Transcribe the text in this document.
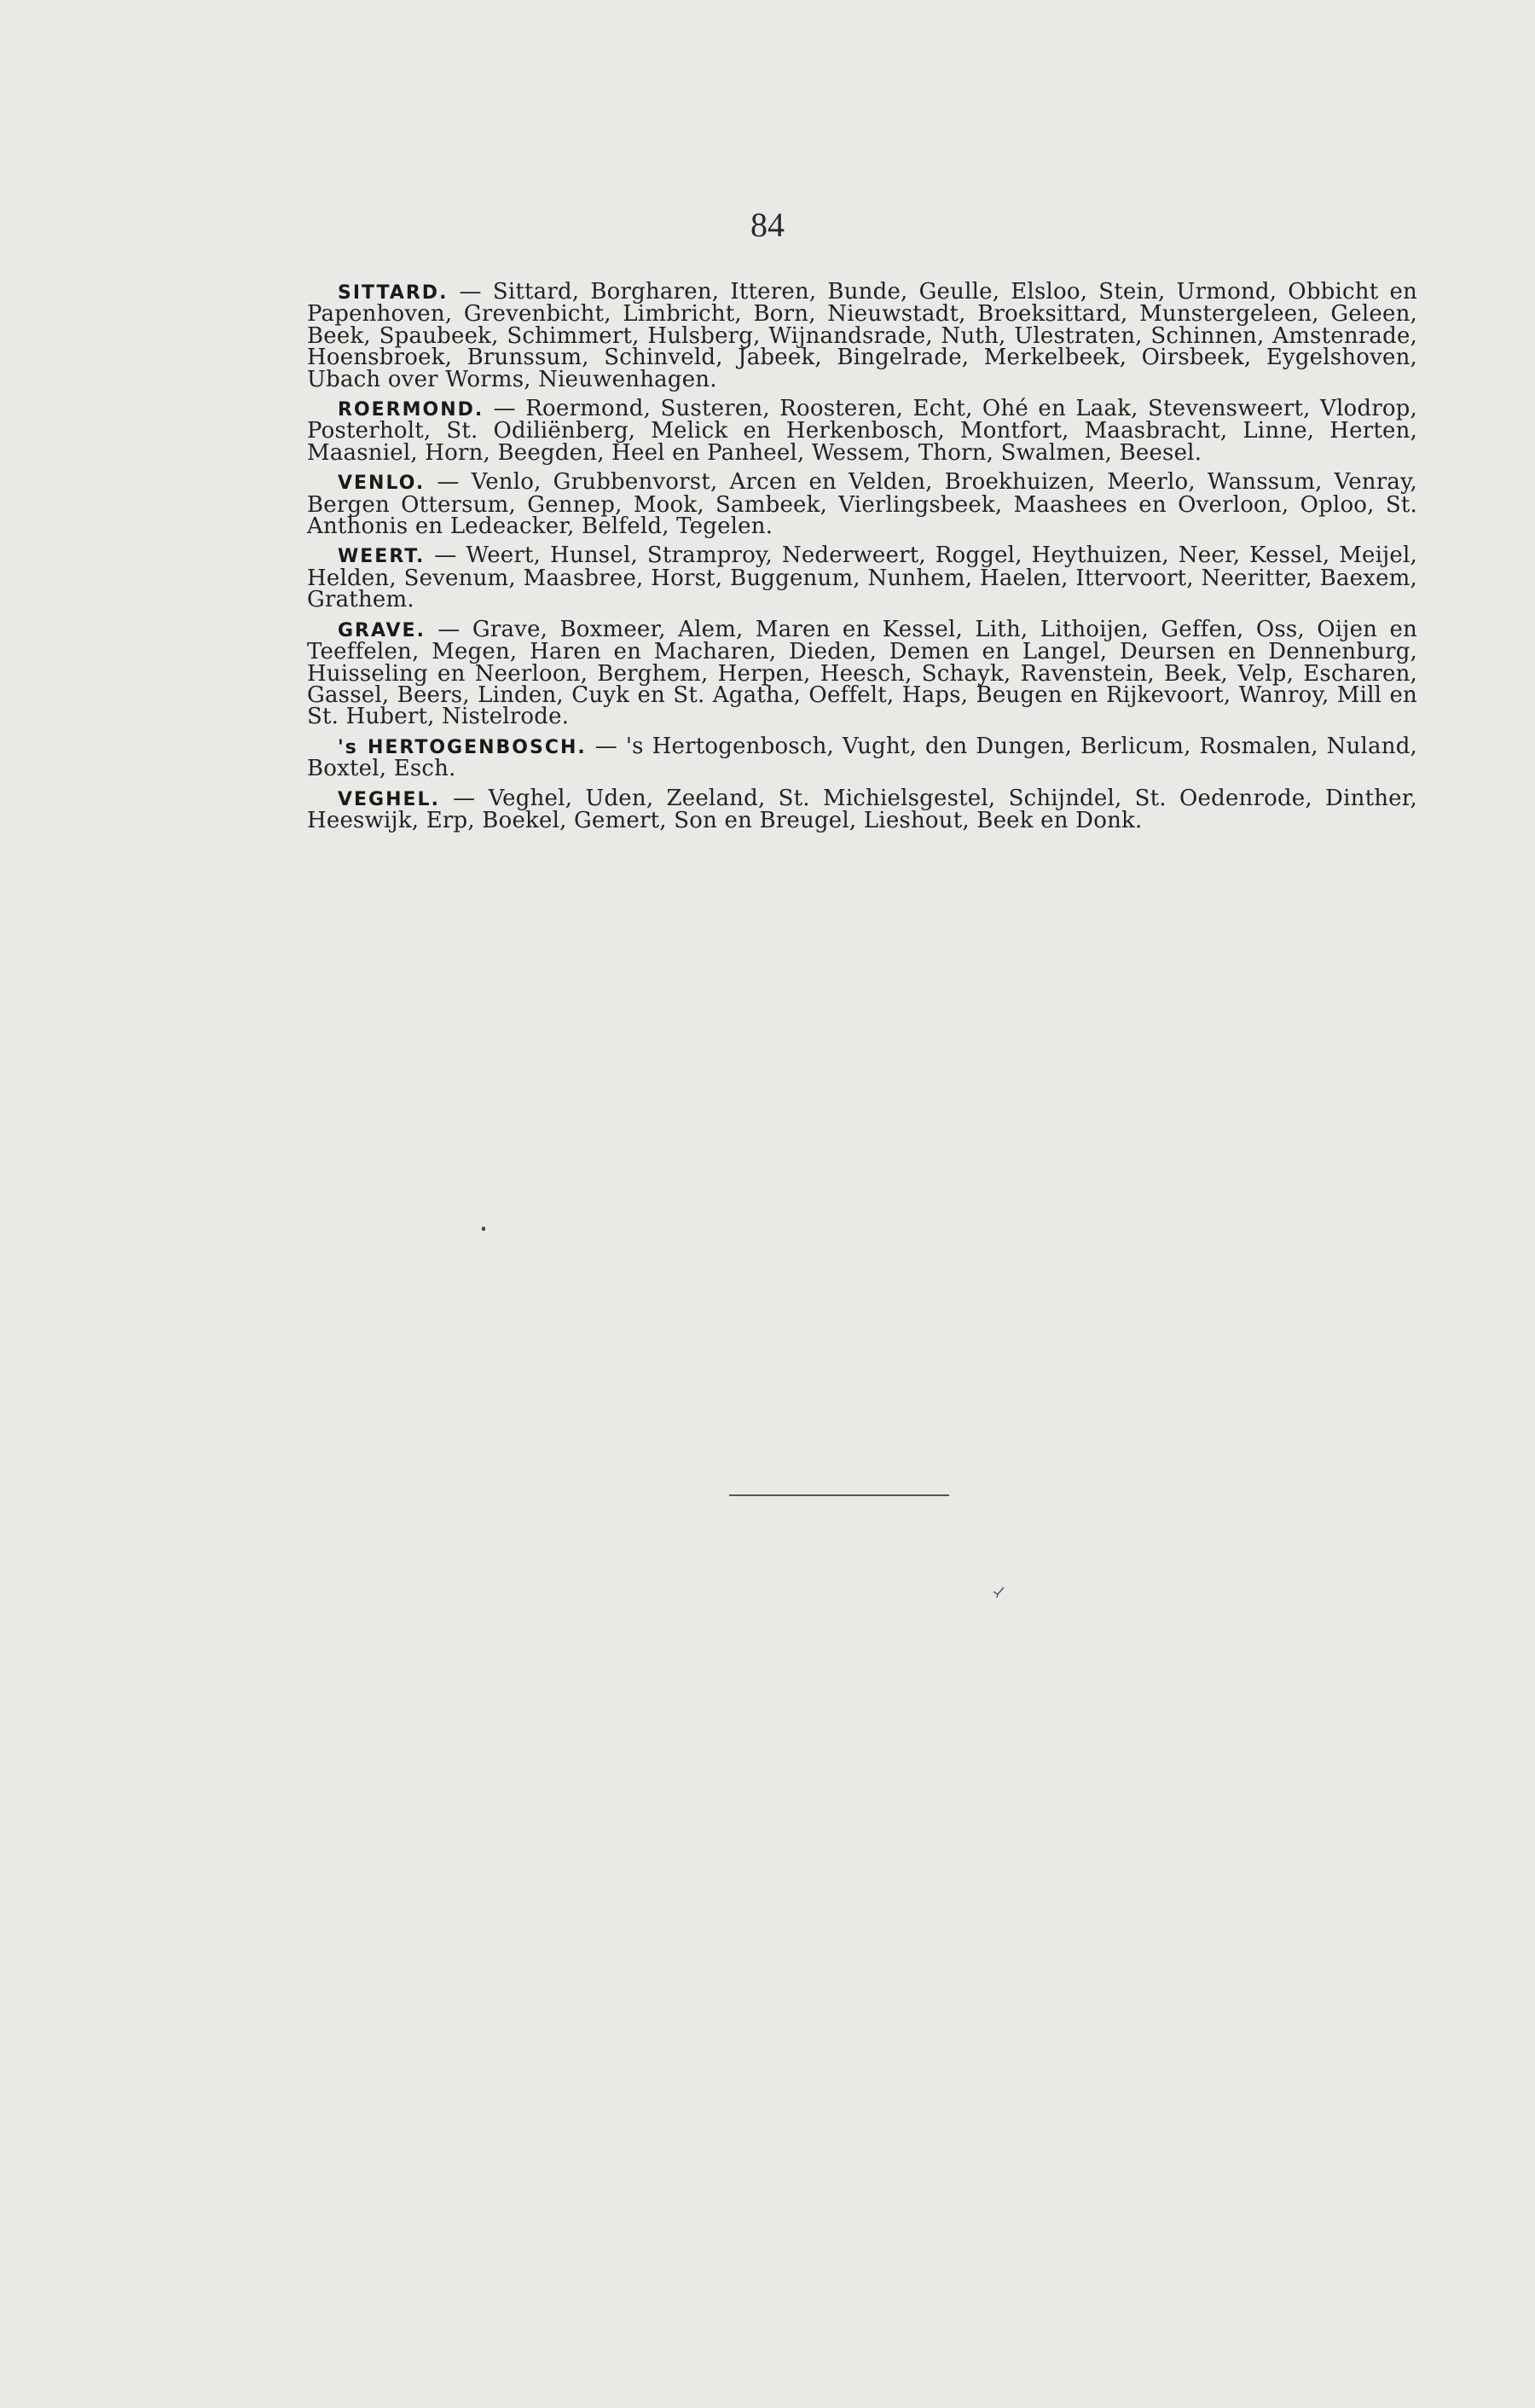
84

SITTARD. — Sittard, Borgharen, Itteren, Bunde, Geulle, Elsloo, Stein, Urmond, Obbicht en Papenhoven, Grevenbicht, Limbricht, Born, Nieuwstadt, Broeksittard, Munstergeleen, Geleen, Beek, Spaubeek, Schimmert, Hulsberg, Wijnandsrade, Nuth, Ulestraten, Schinnen, Amstenrade, Hoensbroek, Brunssum, Schinveld, Jabeek, Bingelrade, Merkelbeek, Oirsbeek, Eygelshoven, Ubach over Worms, Nieuwenhagen.

ROERMOND. — Roermond, Susteren, Roosteren, Echt, Ohé en Laak, Stevensweert, Vlodrop, Posterholt, St. Odiliënberg, Melick en Herkenbosch, Montfort, Maasbracht, Linne, Herten, Maasniel, Horn, Beegden, Heel en Panheel, Wessem, Thorn, Swalmen, Beesel.

VENLO. — Venlo, Grubbenvorst, Arcen en Velden, Broekhuizen, Meerlo, Wanssum, Venray, Bergen Ottersum, Gennep, Mook, Sambeek, Vierlingsbeek, Maashees en Overloon, Oploo, St. Anthonis en Ledeacker, Belfeld, Tegelen.

WEERT. — Weert, Hunsel, Stramproy, Nederweert, Roggel, Heythuizen, Neer, Kessel, Meijel, Helden, Sevenum, Maasbree, Horst, Buggenum, Nunhem, Haelen, Ittervoort, Neeritter, Baexem, Grathem.

GRAVE. — Grave, Boxmeer, Alem, Maren en Kessel, Lith, Lithoijen, Geffen, Oss, Oijen en Teeffelen, Megen, Haren en Macharen, Dieden, Demen en Langel, Deursen en Dennenburg, Huisseling en Neerloon, Berghem, Herpen, Heesch, Schayk, Ravenstein, Beek, Velp, Escharen, Gassel, Beers, Linden, Cuyk en St. Agatha, Oeffelt, Haps, Beugen en Rijkevoort, Wanroy, Mill en St. Hubert, Nistelrode.

's HERTOGENBOSCH. — 's Hertogenbosch, Vught, den Dungen, Berlicum, Rosmalen, Nuland, Boxtel, Esch.

VEGHEL. — Veghel, Uden, Zeeland, St. Michielsgestel, Schijndel, St. Oedenrode, Dinther, Heeswijk, Erp, Boekel, Gemert, Son en Breugel, Lieshout, Beek en Donk.
